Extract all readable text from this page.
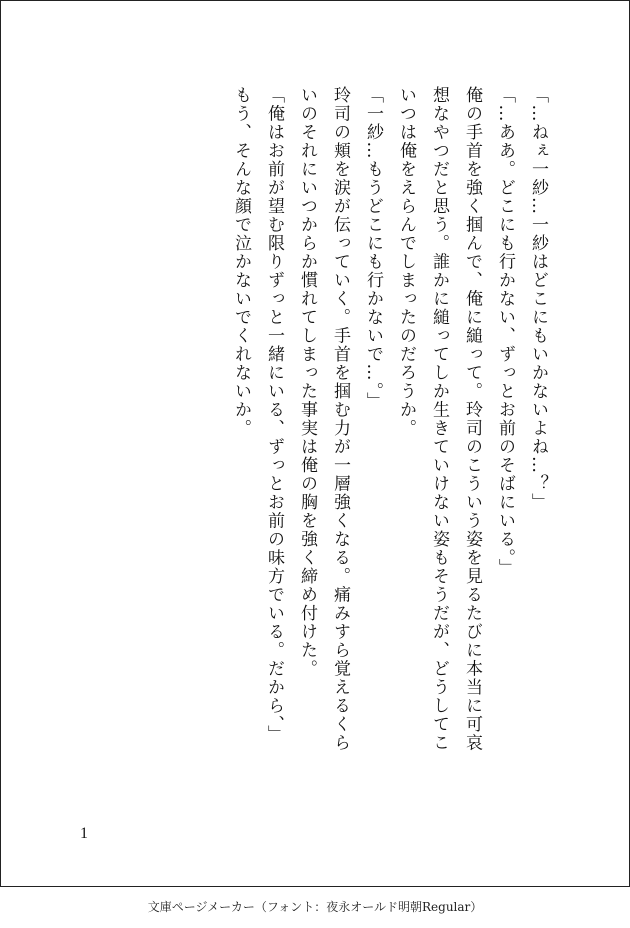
「…ねぇ一紗…一紗はどこにもいかないよね…？」

「…ああ。どこにも行かない、ずっとお前のそばにいる。」

俺の手首を強く掴んで、俺に縋って。玲司のこういう姿を見るたびに本当に可哀

想なやつだと思う。誰かに縋ってしか生きていけない姿もそうだが、どうしてこ

いつは俺をえらんでしまったのだろうか。

「一紗…もうどこにも行かないで…。」

玲司の頬を涙が伝っていく。手首を掴む力が一層強くなる。痛みすら覚えるくら

いのそれにいつからか慣れてしまった事実は俺の胸を強く締め付けた。

「俺はお前が望む限りずっと一緒にいる、ずっとお前の味方でいる。だから、」

もう、そんな顔で泣かないでくれないか。

1
文庫ページメーカー（フォント：夜永オールド明朝Regular）
